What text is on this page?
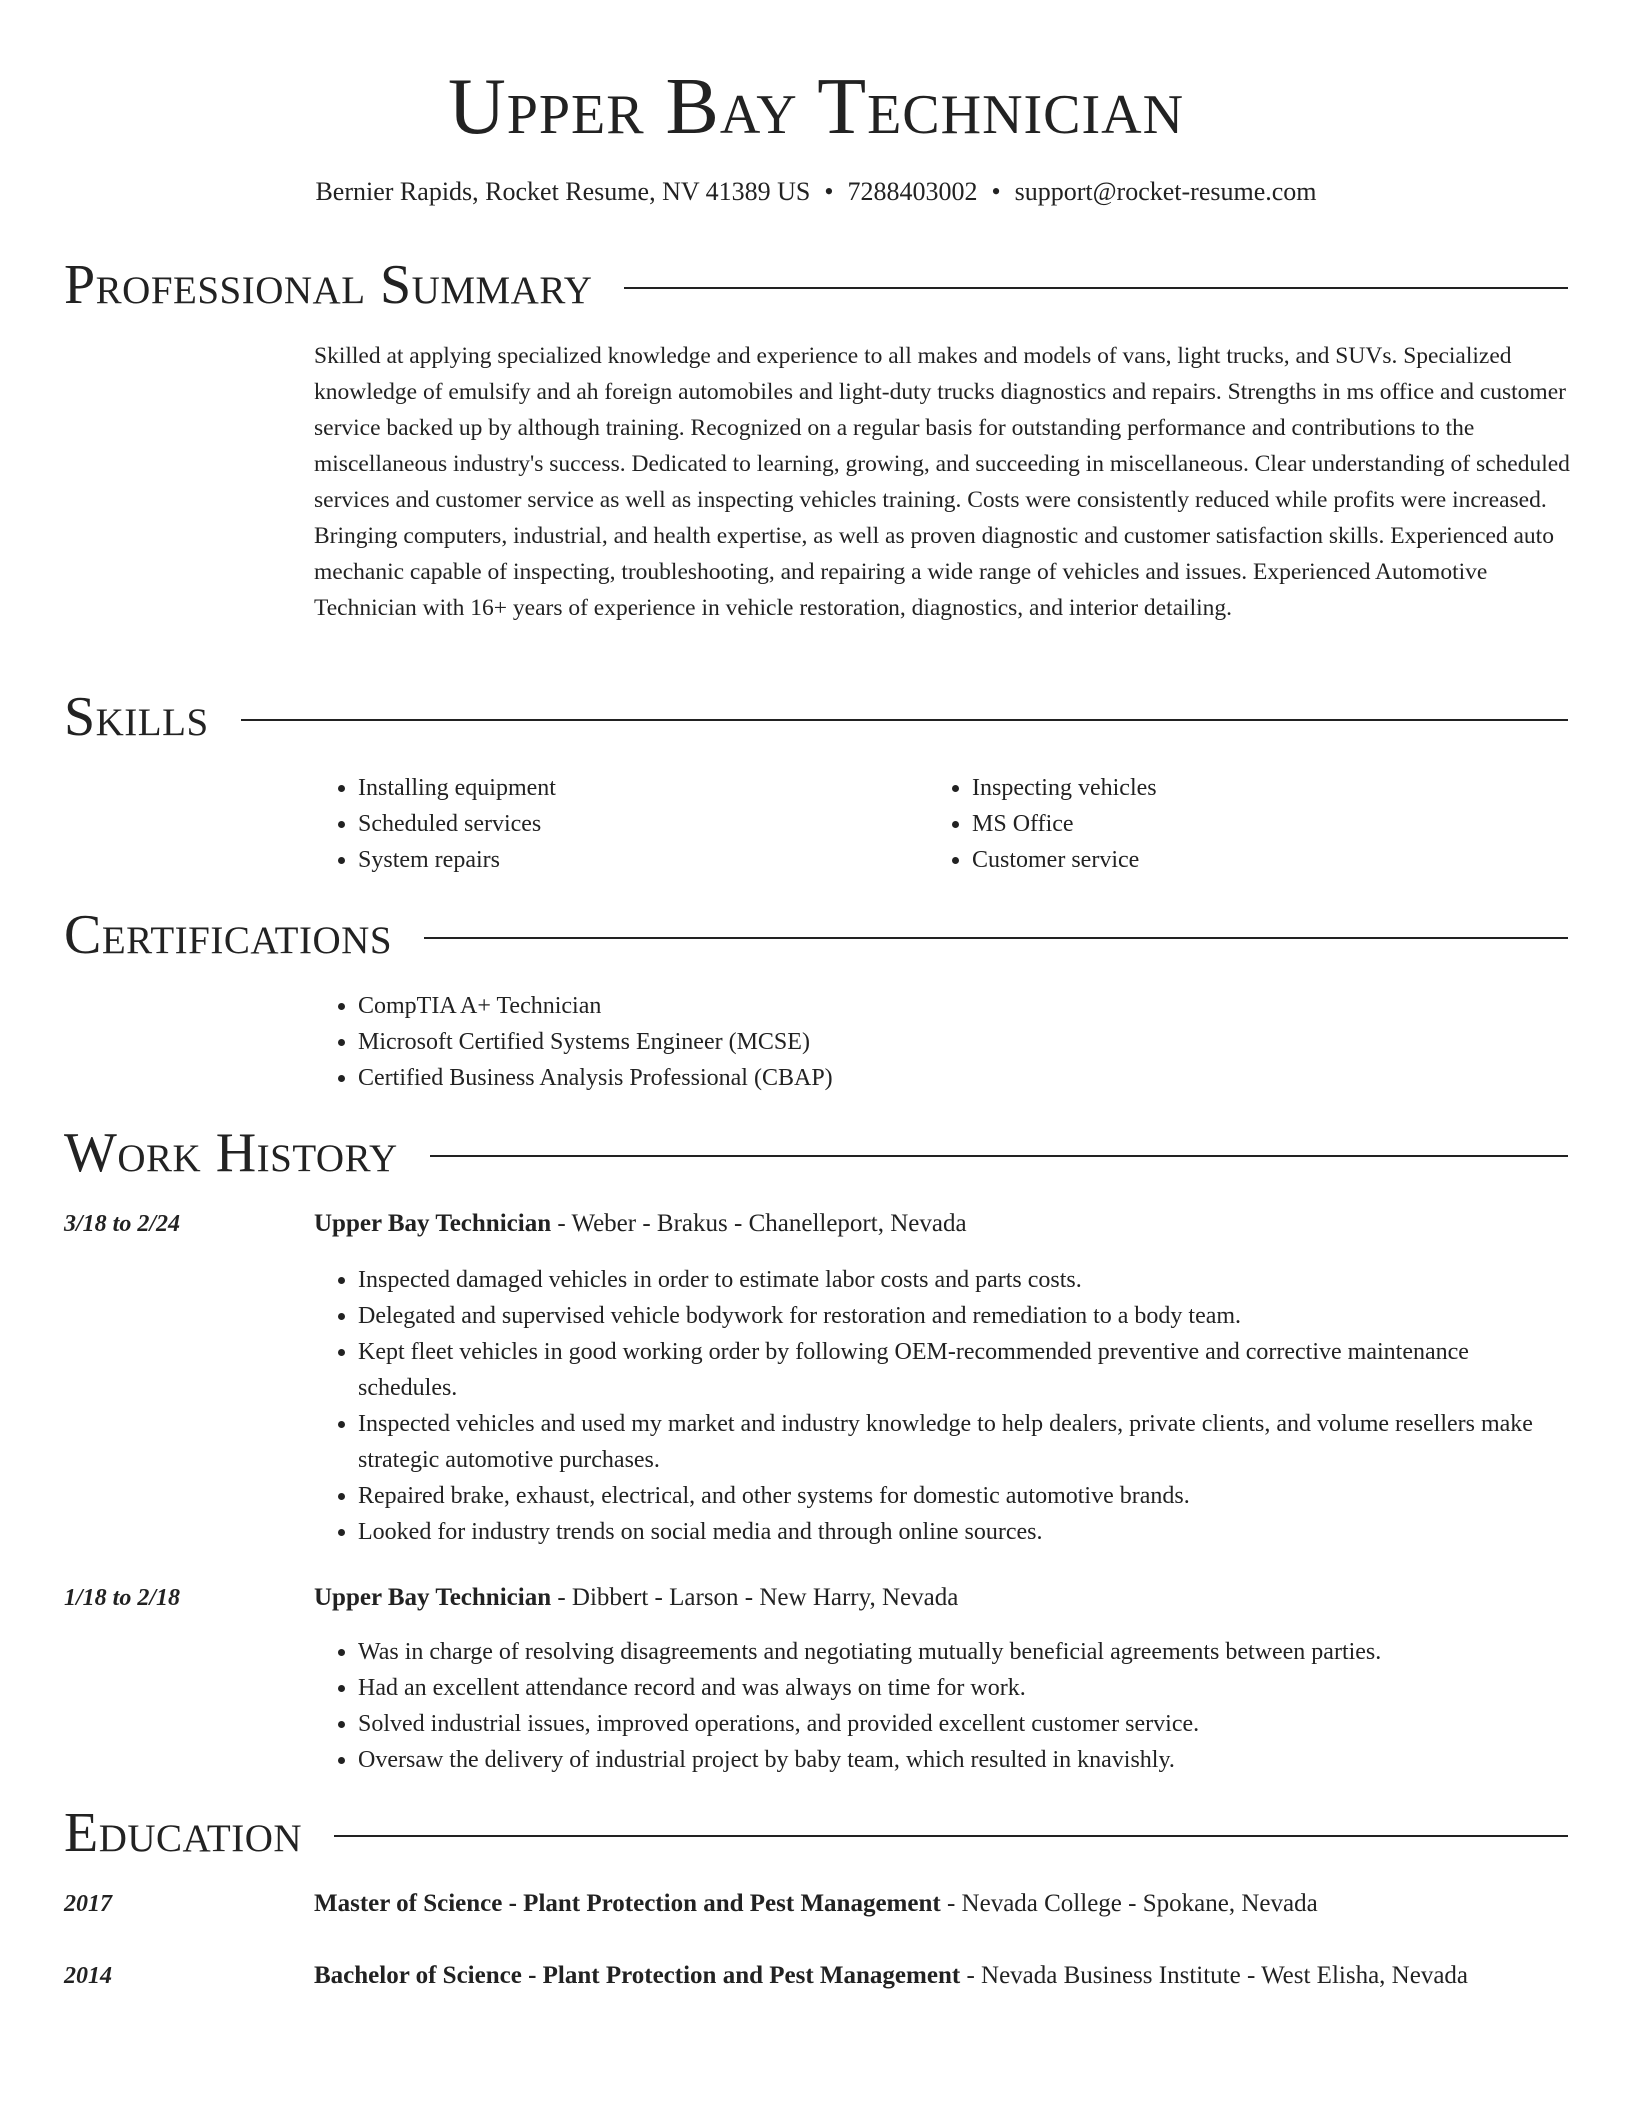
Upper Bay Technician
Bernier Rapids, Rocket Resume, NV 41389 US • 7288403002 • support@rocket-resume.com
Professional Summary

Skilled at applying specialized knowledge and experience to all makes and models of vans, light trucks, and SUVs. Specialized knowledge of emulsify and ah foreign automobiles and light-duty trucks diagnostics and repairs. Strengths in ms office and customer service backed up by although training. Recognized on a regular basis for outstanding performance and contributions to the miscellaneous industry's success. Dedicated to learning, growing, and succeeding in miscellaneous. Clear understanding of scheduled services and customer service as well as inspecting vehicles training. Costs were consistently reduced while profits were increased. Bringing computers, industrial, and health expertise, as well as proven diagnostic and customer satisfaction skills. Experienced auto mechanic capable of inspecting, troubleshooting, and repairing a wide range of vehicles and issues. Experienced Automotive Technician with 16+ years of experience in vehicle restoration, diagnostics, and interior detailing.

Skills
• Installing equipment
• Scheduled services
• System repairs
• Inspecting vehicles
• MS Office
• Customer service
Certifications
• CompTIA A+ Technician
• Microsoft Certified Systems Engineer (MCSE)
• Certified Business Analysis Professional (CBAP)
Work History
3/18 to 2/24	Upper Bay Technician - Weber - Brakus - Chanelleport, Nevada
• Inspected damaged vehicles in order to estimate labor costs and parts costs.
• Delegated and supervised vehicle bodywork for restoration and remediation to a body team.
• Kept fleet vehicles in good working order by following OEM-recommended preventive and corrective maintenance schedules.
• Inspected vehicles and used my market and industry knowledge to help dealers, private clients, and volume resellers make strategic automotive purchases.
• Repaired brake, exhaust, electrical, and other systems for domestic automotive brands.
• Looked for industry trends on social media and through online sources.
1/18 to 2/18	Upper Bay Technician - Dibbert - Larson - New Harry, Nevada
• Was in charge of resolving disagreements and negotiating mutually beneficial agreements between parties.
• Had an excellent attendance record and was always on time for work.
• Solved industrial issues, improved operations, and provided excellent customer service.
• Oversaw the delivery of industrial project by baby team, which resulted in knavishly.
Education
2017	Master of Science - Plant Protection and Pest Management - Nevada College - Spokane, Nevada
2014	Bachelor of Science - Plant Protection and Pest Management - Nevada Business Institute - West Elisha, Nevada
